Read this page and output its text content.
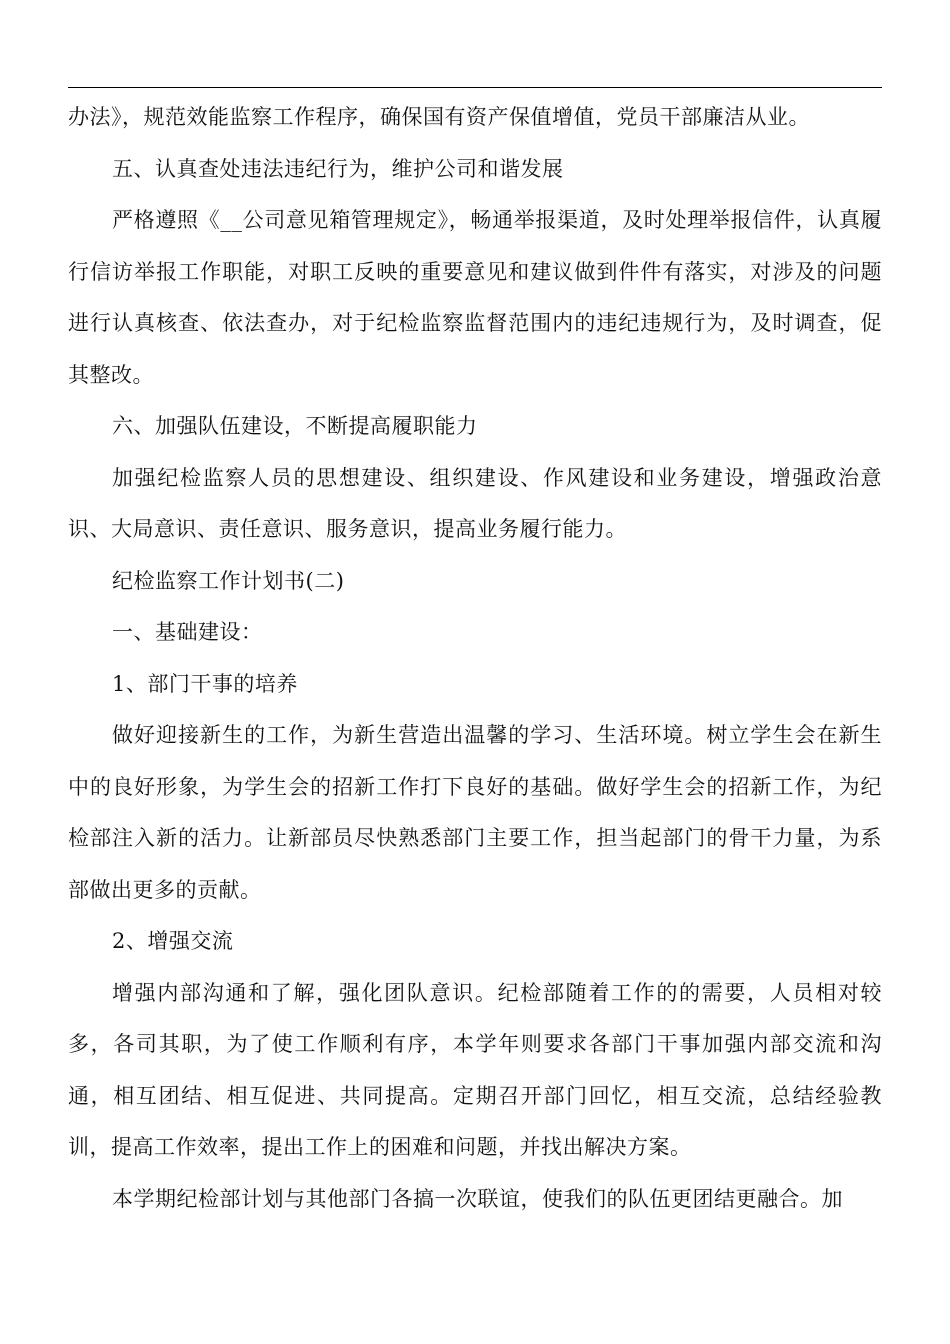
办法》，规范效能监察工作程序，确保国有资产保值增值，党员干部廉洁从业。

五、认真查处违法违纪行为，维护公司和谐发展

严格遵照《__公司意见箱管理规定》，畅通举报渠道，及时处理举报信件，认真履行信访举报工作职能，对职工反映的重要意见和建议做到件件有落实，对涉及的问题进行认真核查、依法查办，对于纪检监察监督范围内的违纪违规行为，及时调查，促其整改。

六、加强队伍建设，不断提高履职能力

加强纪检监察人员的思想建设、组织建设、作风建设和业务建设，增强政治意识、大局意识、责任意识、服务意识，提高业务履行能力。

纪检监察工作计划书(二)

一、基础建设：

1、部门干事的培养

做好迎接新生的工作，为新生营造出温馨的学习、生活环境。树立学生会在新生中的良好形象，为学生会的招新工作打下良好的基础。做好学生会的招新工作，为纪检部注入新的活力。让新部员尽快熟悉部门主要工作，担当起部门的骨干力量，为系部做出更多的贡献。

2、增强交流

增强内部沟通和了解，强化团队意识。纪检部随着工作的的需要，人员相对较多，各司其职，为了使工作顺利有序，本学年则要求各部门干事加强内部交流和沟通，相互团结、相互促进、共同提高。定期召开部门回忆，相互交流，总结经验教训，提高工作效率，提出工作上的困难和问题，并找出解决方案。

本学期纪检部计划与其他部门各搞一次联谊，使我们的队伍更团结更融合。加
